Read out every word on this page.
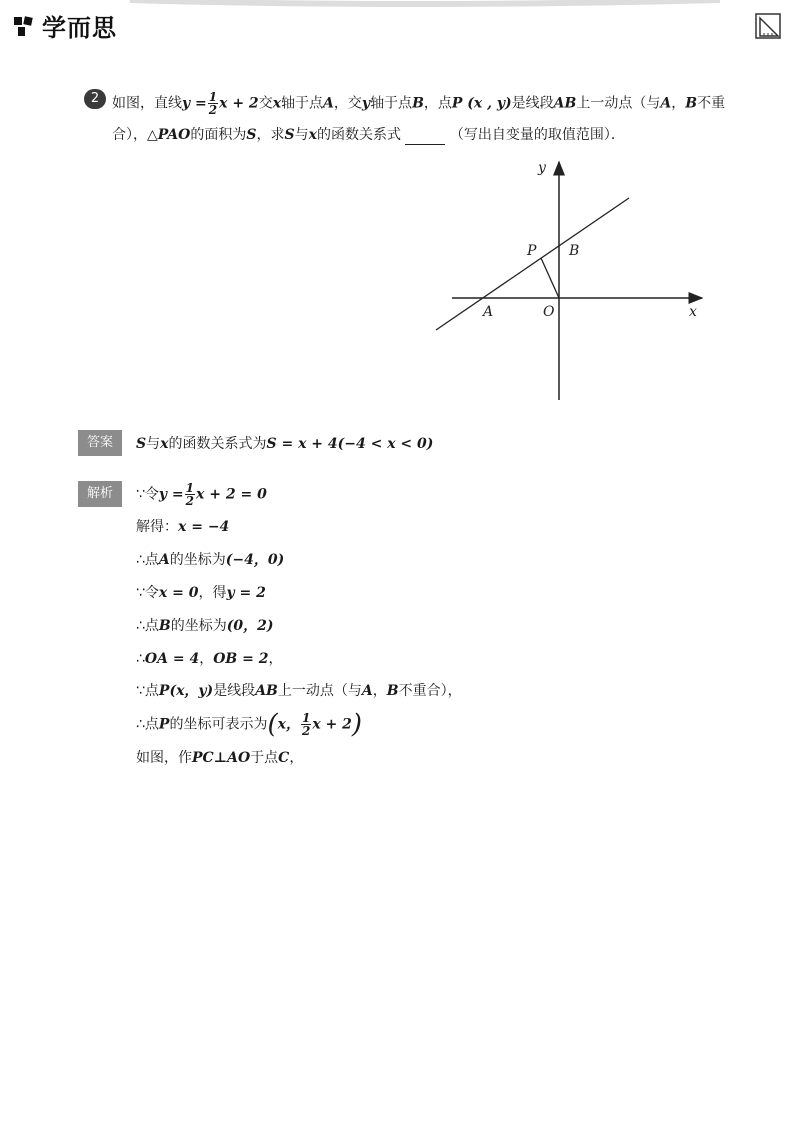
学而思
2 如图，直线$y = \frac{1}{2}$ x + 2交x轴于点A，交y轴于点B，点P (x , y)是线段AB上一动点（与A，B不重
合），△PAO的面积为S，求S与x的函数关系式	（写出自变量的取值范围）．
y
x
P B
A	O
答案	S与x的函数关系式为S = x + 4(−4 < x < 0)
解析	∵令$y = \frac{1}{2}$ x + 2 = 0
解得：x = −4
∴点A的坐标为(−4，0)
∵令x = 0，得y = 2
∴点B的坐标为(0，2)
∴OA = 4，OB = 2，
∵点P(x，y)是线段AB上一动点（与A，B不重合），
∴点P的坐标可表示为(x， $\frac{1}{2}$ x + 2)
如图，作PC⊥AO于点C，
